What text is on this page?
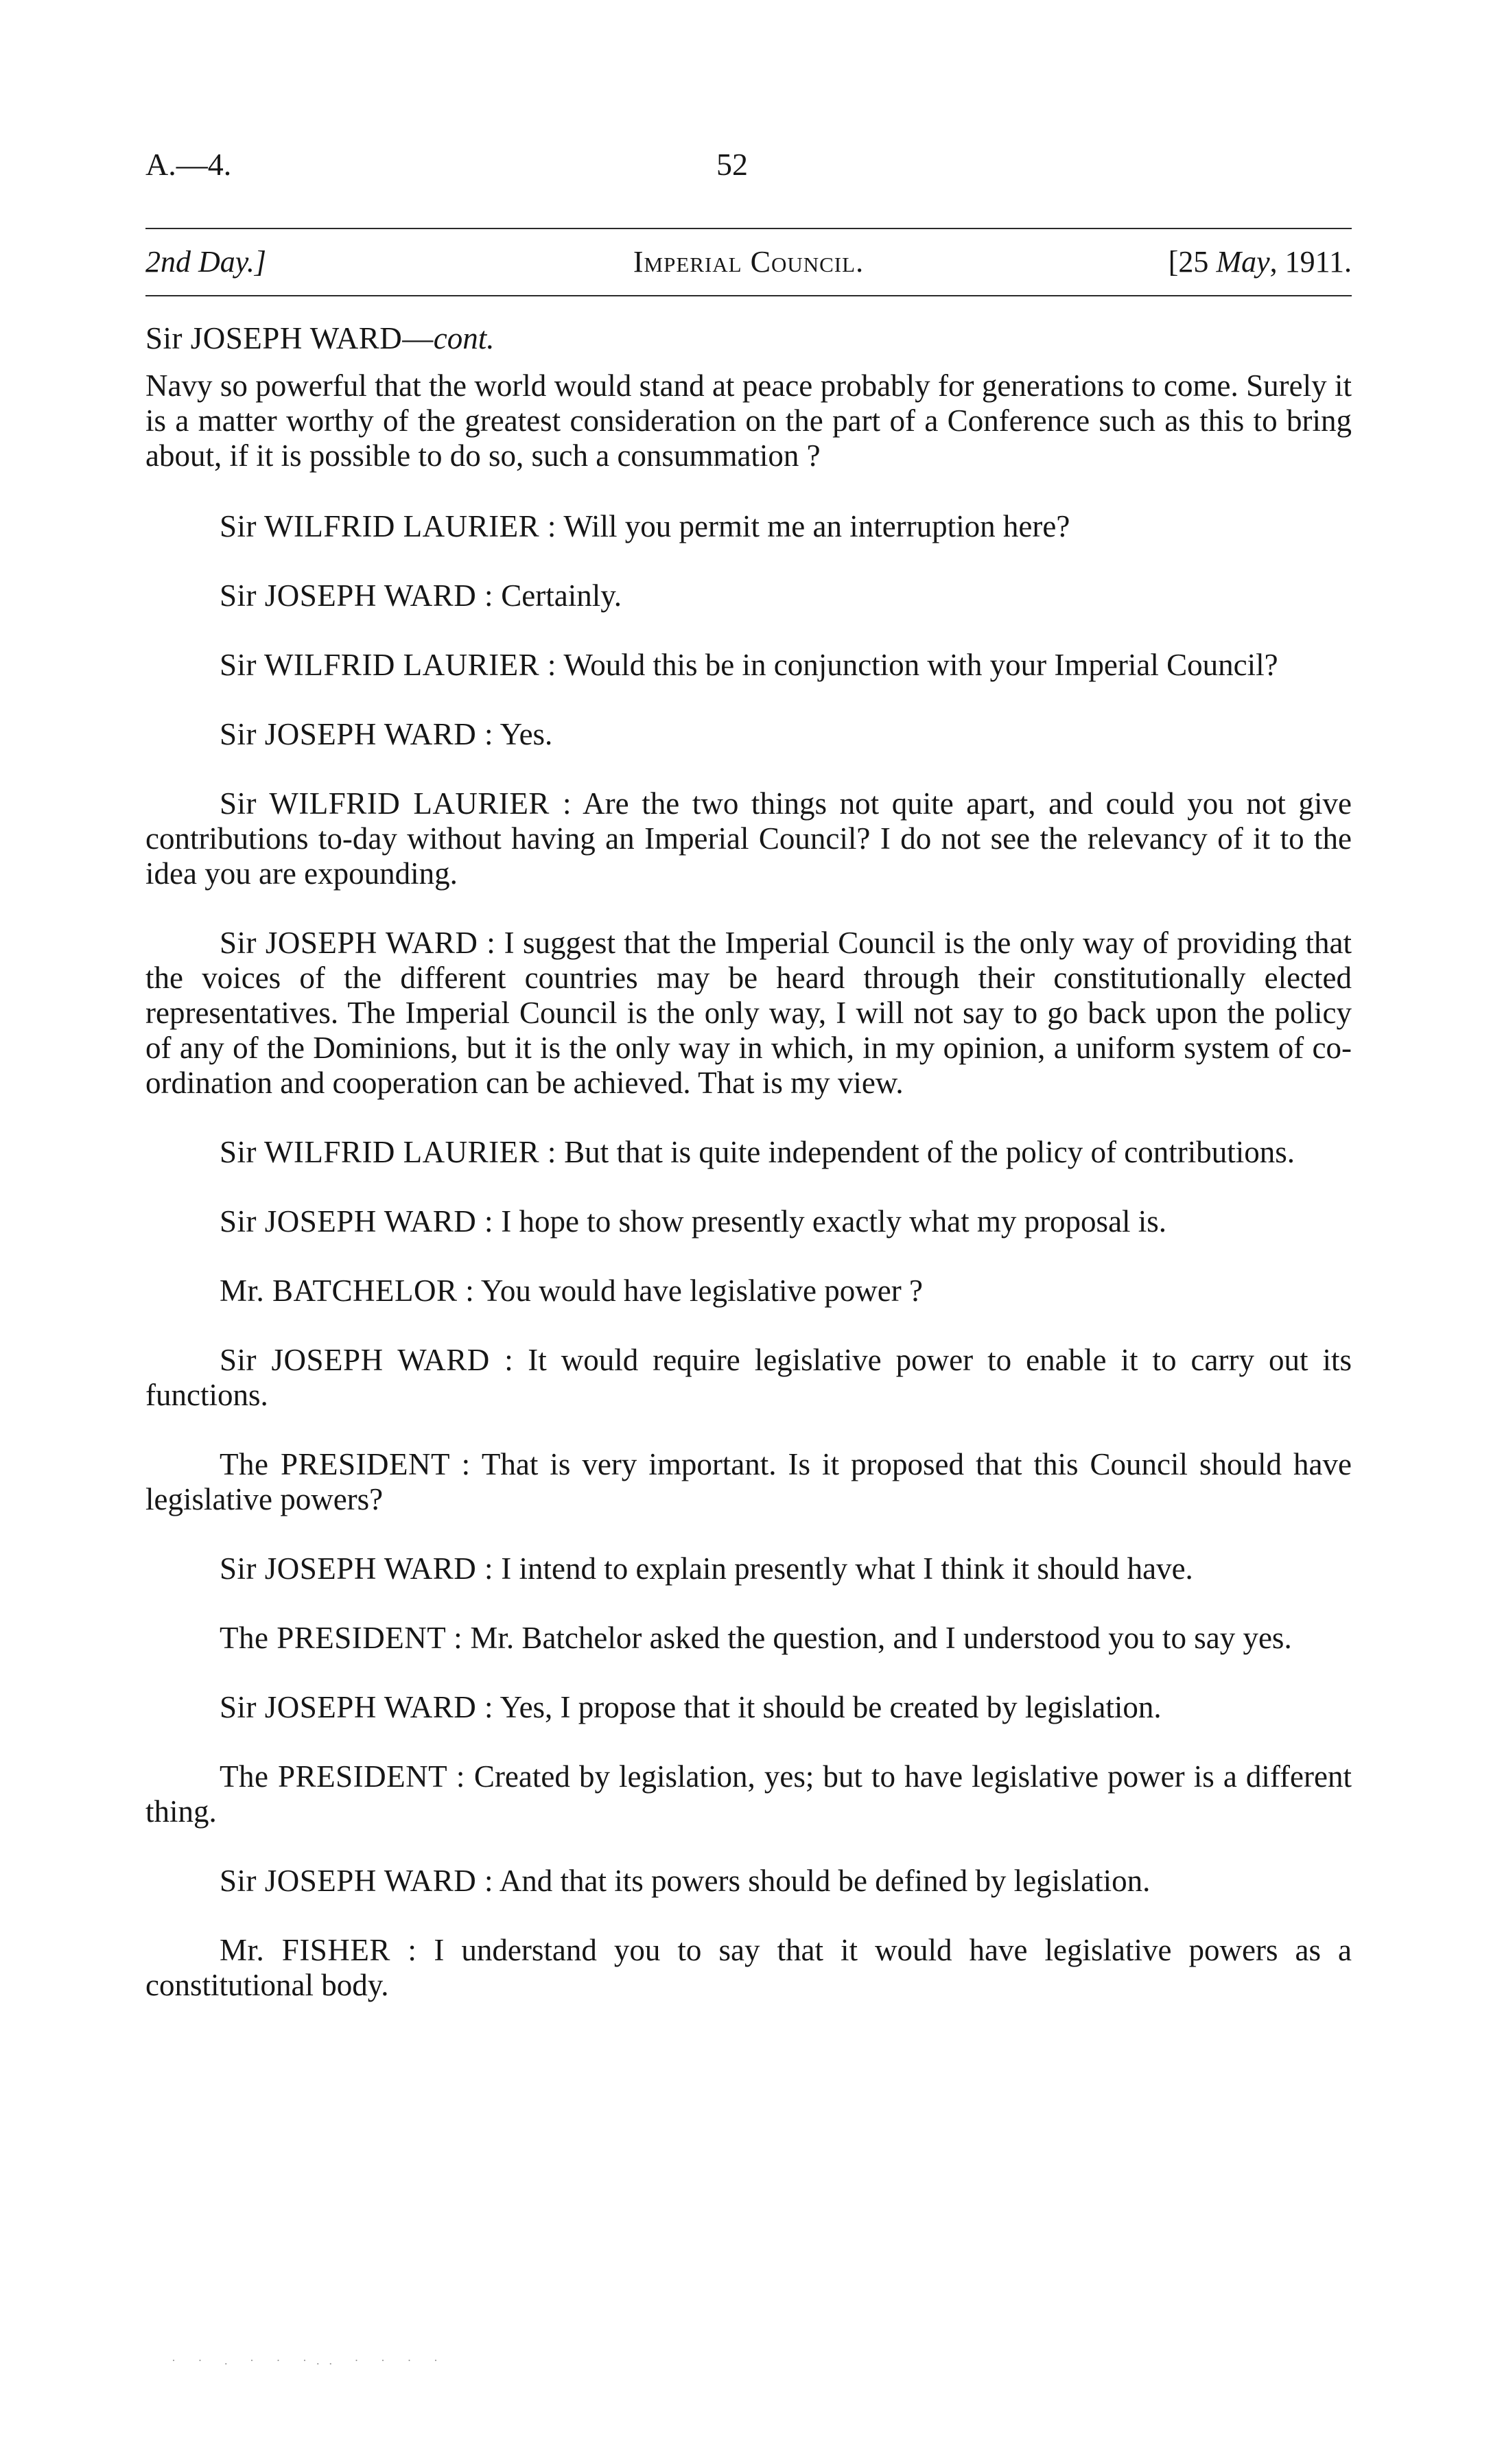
A.—4.	52
2nd Day.]	Imperial Council.	[25 May, 1911.
Sir JOSEPH WARD—cont.

Navy so powerful that the world would stand at peace probably for generations to come. Surely it is a matter worthy of the greatest consideration on the part of a Conference such as this to bring about, if it is possible to do so, such a consummation ?

Sir WILFRID LAURIER : Will you permit me an interruption here?

Sir JOSEPH WARD : Certainly.

Sir WILFRID LAURIER : Would this be in conjunction with your Imperial Council?

Sir JOSEPH WARD : Yes.

Sir WILFRID LAURIER : Are the two things not quite apart, and could you not give contributions to-day without having an Imperial Council? I do not see the relevancy of it to the idea you are expounding.

Sir JOSEPH WARD : I suggest that the Imperial Council is the only way of providing that the voices of the different countries may be heard through their constitutionally elected representatives. The Imperial Council is the only way, I will not say to go back upon the policy of any of the Dominions, but it is the only way in which, in my opinion, a uniform system of co-ordination and cooperation can be achieved. That is my view.

Sir WILFRID LAURIER : But that is quite independent of the policy of contributions.

Sir JOSEPH WARD : I hope to show presently exactly what my proposal is.

Mr. BATCHELOR : You would have legislative power ?

Sir JOSEPH WARD : It would require legislative power to enable it to carry out its functions.

The PRESIDENT : That is very important. Is it proposed that this Council should have legislative powers?

Sir JOSEPH WARD : I intend to explain presently what I think it should have.

The PRESIDENT : Mr. Batchelor asked the question, and I understood you to say yes.

Sir JOSEPH WARD : Yes, I propose that it should be created by legislation.

The PRESIDENT : Created by legislation, yes; but to have legislative power is a different thing.

Sir JOSEPH WARD : And that its powers should be defined by legislation.

Mr. FISHER : I understand you to say that it would have legislative powers as a constitutional body.

· · . · · ·.. · · · ·
